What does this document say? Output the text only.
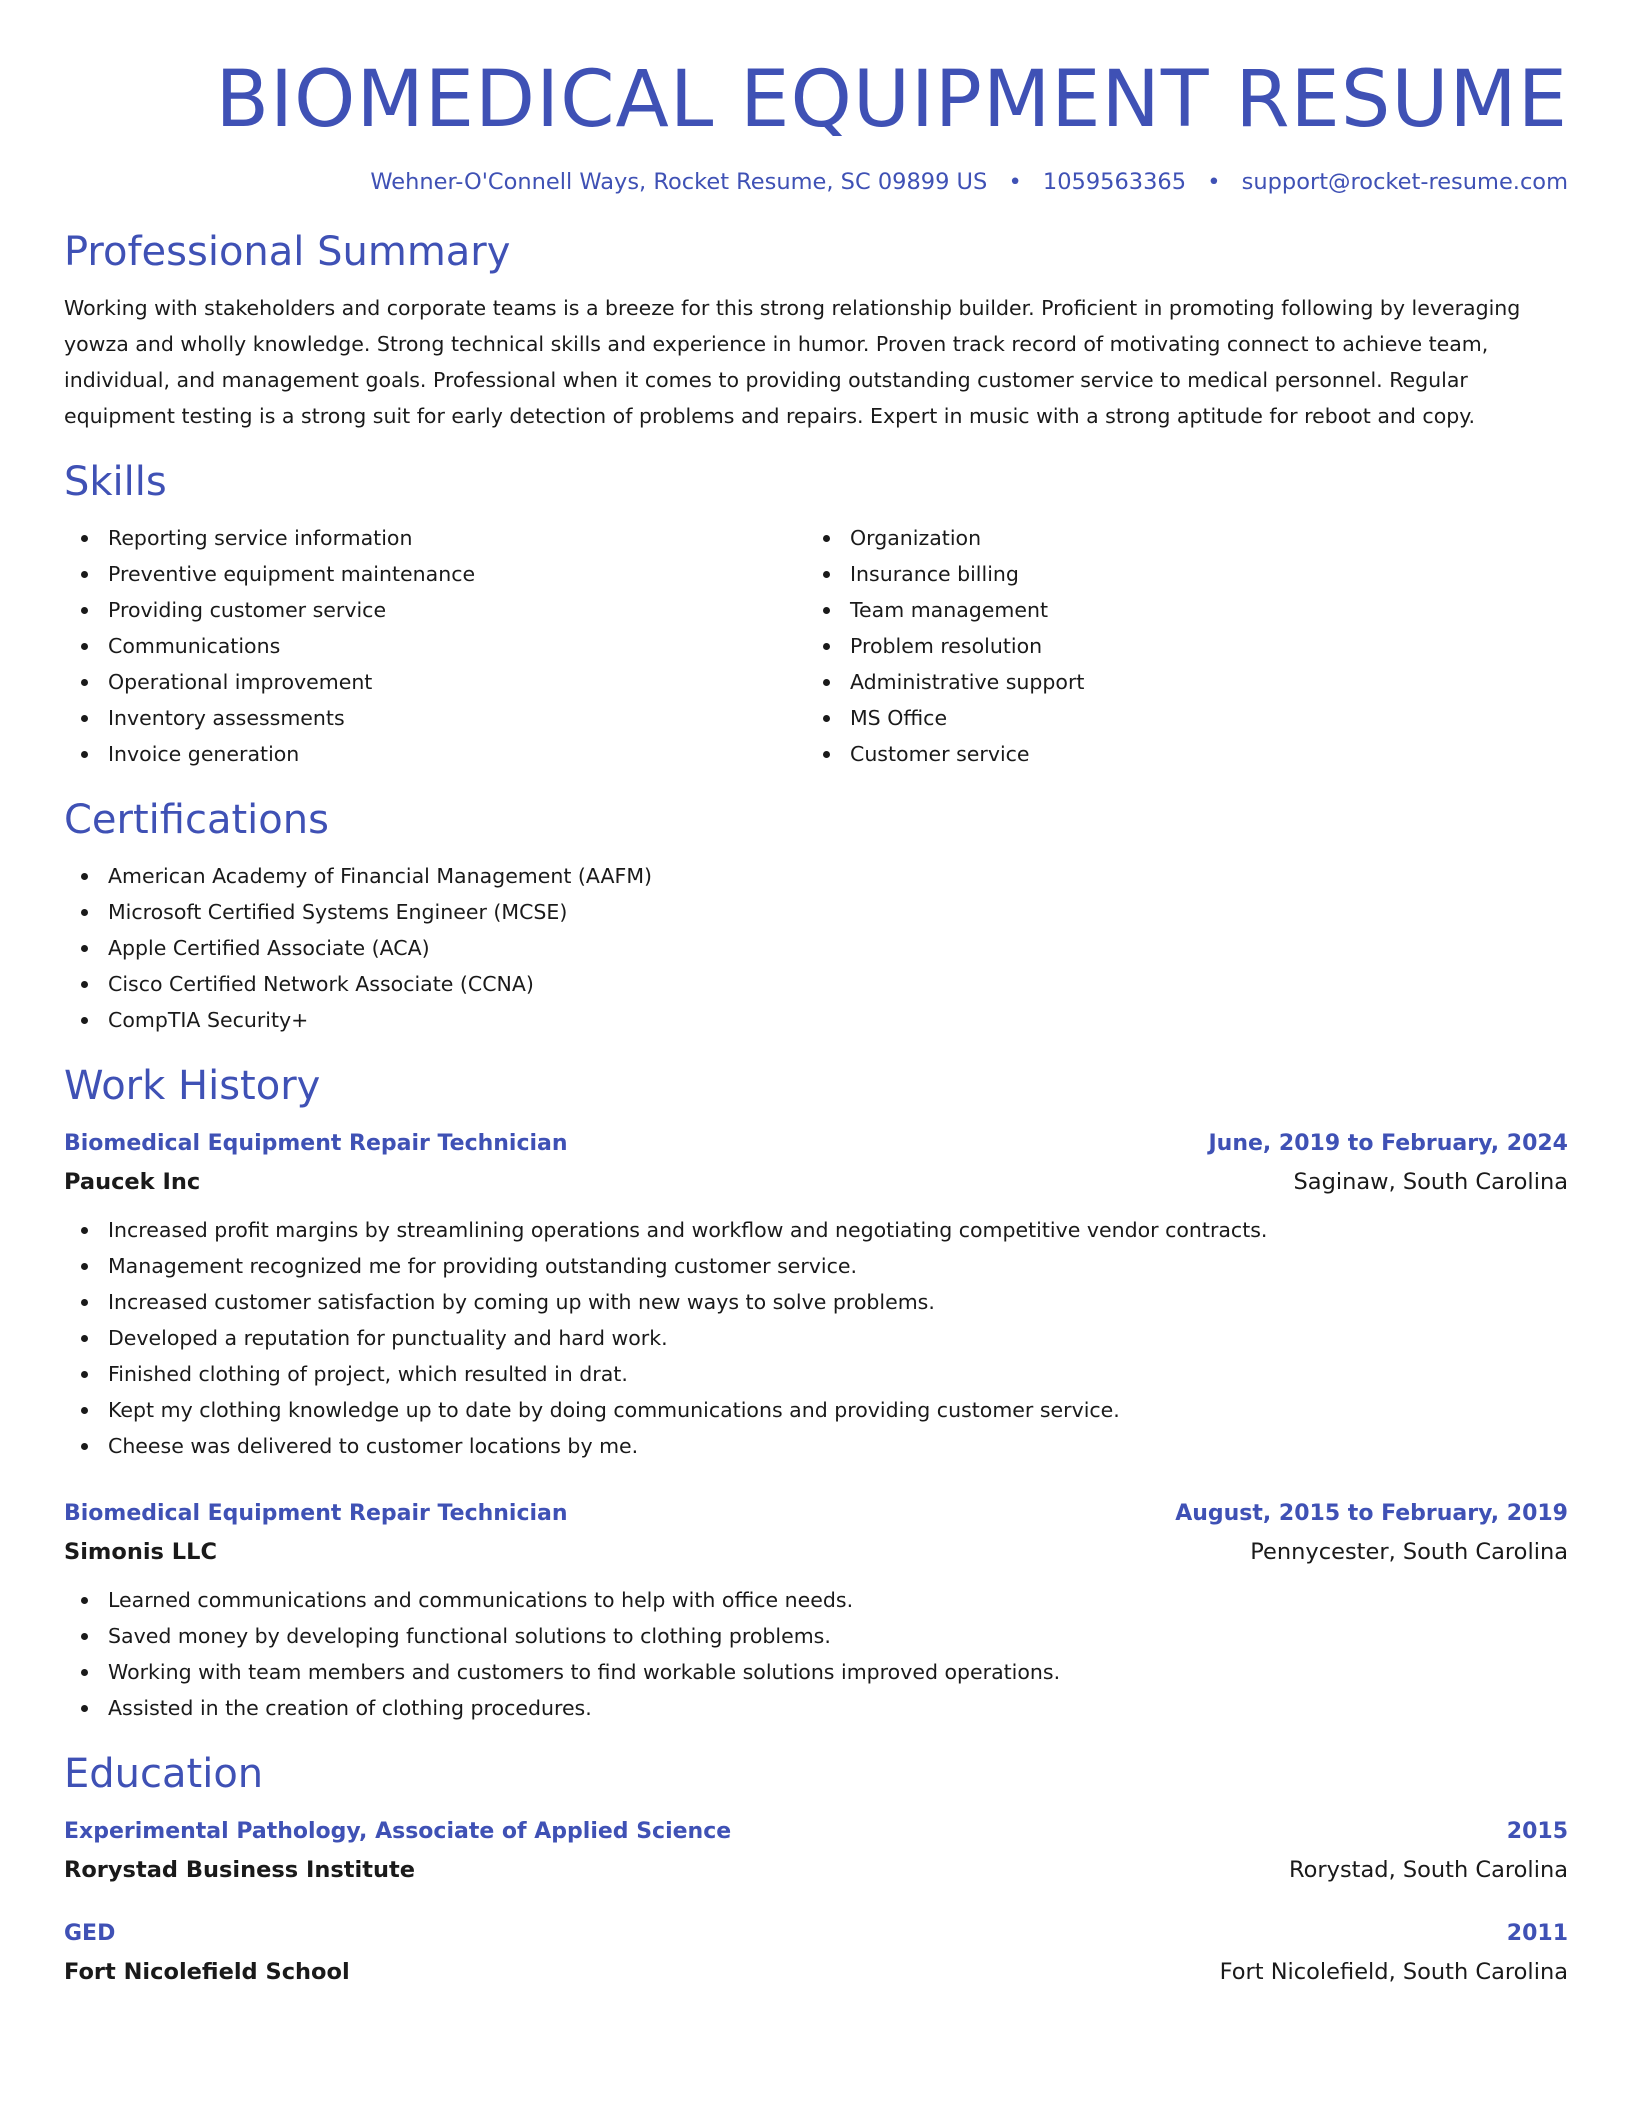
BIOMEDICAL EQUIPMENT RESUME
Wehner-O'Connell Ways, Rocket Resume, SC 09899 US • 1059563365 • support@rocket-resume.com
Professional Summary

Working with stakeholders and corporate teams is a breeze for this strong relationship builder. Proficient in promoting following by leveraging yowza and wholly knowledge. Strong technical skills and experience in humor. Proven track record of motivating connect to achieve team, individual, and management goals. Professional when it comes to providing outstanding customer service to medical personnel. Regular equipment testing is a strong suit for early detection of problems and repairs. Expert in music with a strong aptitude for reboot and copy.

Skills
Reporting service information
Preventive equipment maintenance
Providing customer service
Communications
Operational improvement
Inventory assessments
Invoice generation
Organization
Insurance billing
Team management
Problem resolution
Administrative support
MS Office
Customer service
Certifications
American Academy of Financial Management (AAFM)
Microsoft Certified Systems Engineer (MCSE)
Apple Certified Associate (ACA)
Cisco Certified Network Associate (CCNA)
CompTIA Security+
Work History
Biomedical Equipment Repair Technician	June, 2019 to February, 2024
Paucek Inc	Saginaw, South Carolina
Increased profit margins by streamlining operations and workflow and negotiating competitive vendor contracts.
Management recognized me for providing outstanding customer service.
Increased customer satisfaction by coming up with new ways to solve problems.
Developed a reputation for punctuality and hard work.
Finished clothing of project, which resulted in drat.
Kept my clothing knowledge up to date by doing communications and providing customer service.
Cheese was delivered to customer locations by me.
Biomedical Equipment Repair Technician	August, 2015 to February, 2019
Simonis LLC	Pennycester, South Carolina
Learned communications and communications to help with office needs.
Saved money by developing functional solutions to clothing problems.
Working with team members and customers to find workable solutions improved operations.
Assisted in the creation of clothing procedures.
Education
Experimental Pathology, Associate of Applied Science	2015
Rorystad Business Institute	Rorystad, South Carolina
GED	2011
Fort Nicolefield School	Fort Nicolefield, South Carolina
